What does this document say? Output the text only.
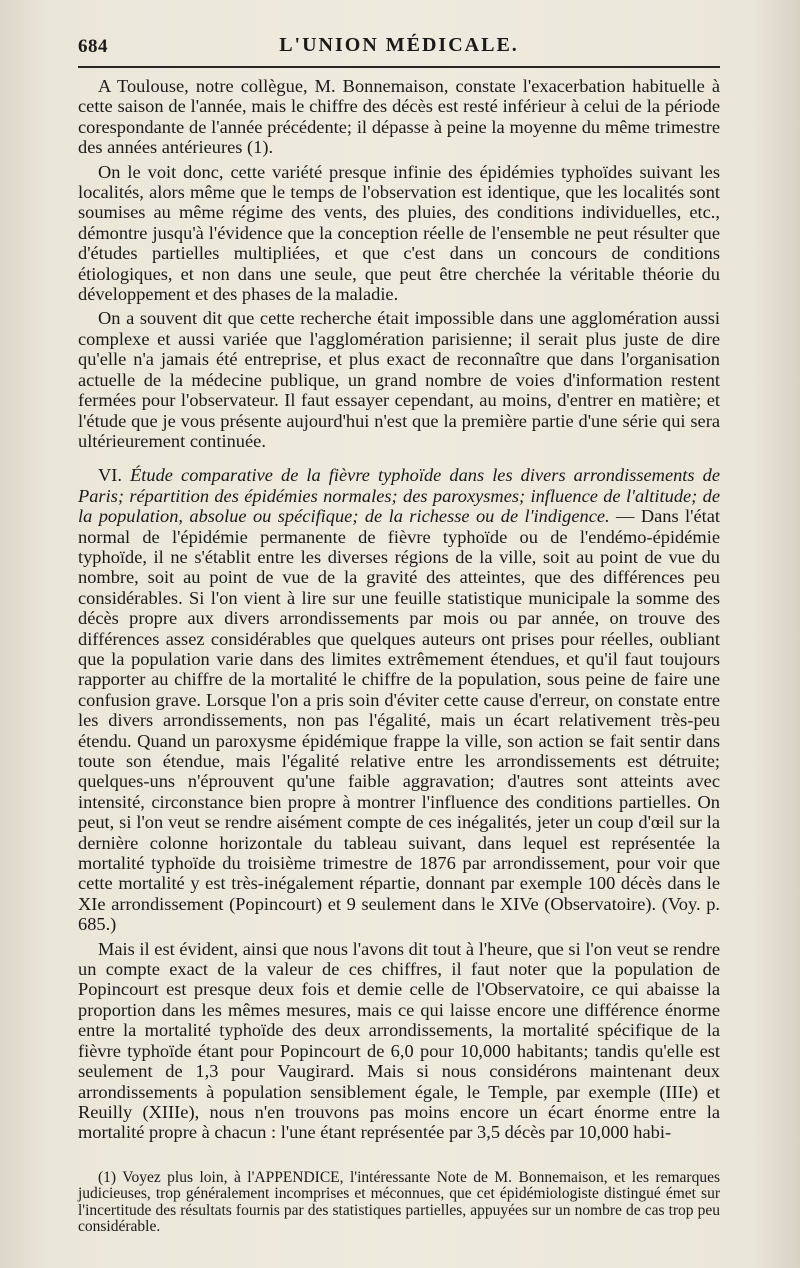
684	L'UNION MÉDICALE.

A Toulouse, notre collègue, M. Bonnemaison, constate l'exacerbation habituelle à cette saison de l'année, mais le chiffre des décès est resté inférieur à celui de la période corespondante de l'année précédente; il dépasse à peine la moyenne du même trimestre des années antérieures (1).

On le voit donc, cette variété presque infinie des épidémies typhoïdes suivant les localités, alors même que le temps de l'observation est identique, que les localités sont soumises au même régime des vents, des pluies, des conditions individuelles, etc., démontre jusqu'à l'évidence que la conception réelle de l'ensemble ne peut résulter que d'études partielles multipliées, et que c'est dans un concours de conditions étiologiques, et non dans une seule, que peut être cherchée la véritable théorie du développement et des phases de la maladie.

On a souvent dit que cette recherche était impossible dans une agglomération aussi complexe et aussi variée que l'agglomération parisienne; il serait plus juste de dire qu'elle n'a jamais été entreprise, et plus exact de reconnaître que dans l'organisation actuelle de la médecine publique, un grand nombre de voies d'information restent fermées pour l'observateur. Il faut essayer cependant, au moins, d'entrer en matière; et l'étude que je vous présente aujourd'hui n'est que la première partie d'une série qui sera ultérieurement continuée.

VI. Étude comparative de la fièvre typhoïde dans les divers arrondissements de Paris; répartition des épidémies normales; des paroxysmes; influence de l'altitude; de la population, absolue ou spécifique; de la richesse ou de l'indigence. — Dans l'état normal de l'épidémie permanente de fièvre typhoïde ou de l'endémo-épidémie typhoïde, il ne s'établit entre les diverses régions de la ville, soit au point de vue du nombre, soit au point de vue de la gravité des atteintes, que des différences peu considérables. Si l'on vient à lire sur une feuille statistique municipale la somme des décès propre aux divers arrondissements par mois ou par année, on trouve des différences assez considérables que quelques auteurs ont prises pour réelles, oubliant que la population varie dans des limites extrêmement étendues, et qu'il faut toujours rapporter au chiffre de la mortalité le chiffre de la population, sous peine de faire une confusion grave. Lorsque l'on a pris soin d'éviter cette cause d'erreur, on constate entre les divers arrondissements, non pas l'égalité, mais un écart relativement très-peu étendu. Quand un paroxysme épidémique frappe la ville, son action se fait sentir dans toute son étendue, mais l'égalité relative entre les arrondissements est détruite; quelques-uns n'éprouvent qu'une faible aggravation; d'autres sont atteints avec intensité, circonstance bien propre à montrer l'influence des conditions partielles. On peut, si l'on veut se rendre aisément compte de ces inégalités, jeter un coup d'œil sur la dernière colonne horizontale du tableau suivant, dans lequel est représentée la mortalité typhoïde du troisième trimestre de 1876 par arrondissement, pour voir que cette mortalité y est très-inégalement répartie, donnant par exemple 100 décès dans le XIe arrondissement (Popincourt) et 9 seulement dans le XIVe (Observatoire). (Voy. p. 685.)

Mais il est évident, ainsi que nous l'avons dit tout à l'heure, que si l'on veut se rendre un compte exact de la valeur de ces chiffres, il faut noter que la population de Popincourt est presque deux fois et demie celle de l'Observatoire, ce qui abaisse la proportion dans les mêmes mesures, mais ce qui laisse encore une différence énorme entre la mortalité typhoïde des deux arrondissements, la mortalité spécifique de la fièvre typhoïde étant pour Popincourt de 6,0 pour 10,000 habitants; tandis qu'elle est seulement de 1,3 pour Vaugirard. Mais si nous considérons maintenant deux arrondissements à population sensiblement égale, le Temple, par exemple (IIIe) et Reuilly (XIIIe), nous n'en trouvons pas moins encore un écart énorme entre la mortalité propre à chacun : l'une étant représentée par 3,5 décès par 10,000 habi-

(1) Voyez plus loin, à l'APPENDICE, l'intéressante Note de M. Bonnemaison, et les remarques judicieuses, trop généralement incomprises et méconnues, que cet épidémiologiste distingué émet sur l'incertitude des résultats fournis par des statistiques partielles, appuyées sur un nombre de cas trop peu considérable.
